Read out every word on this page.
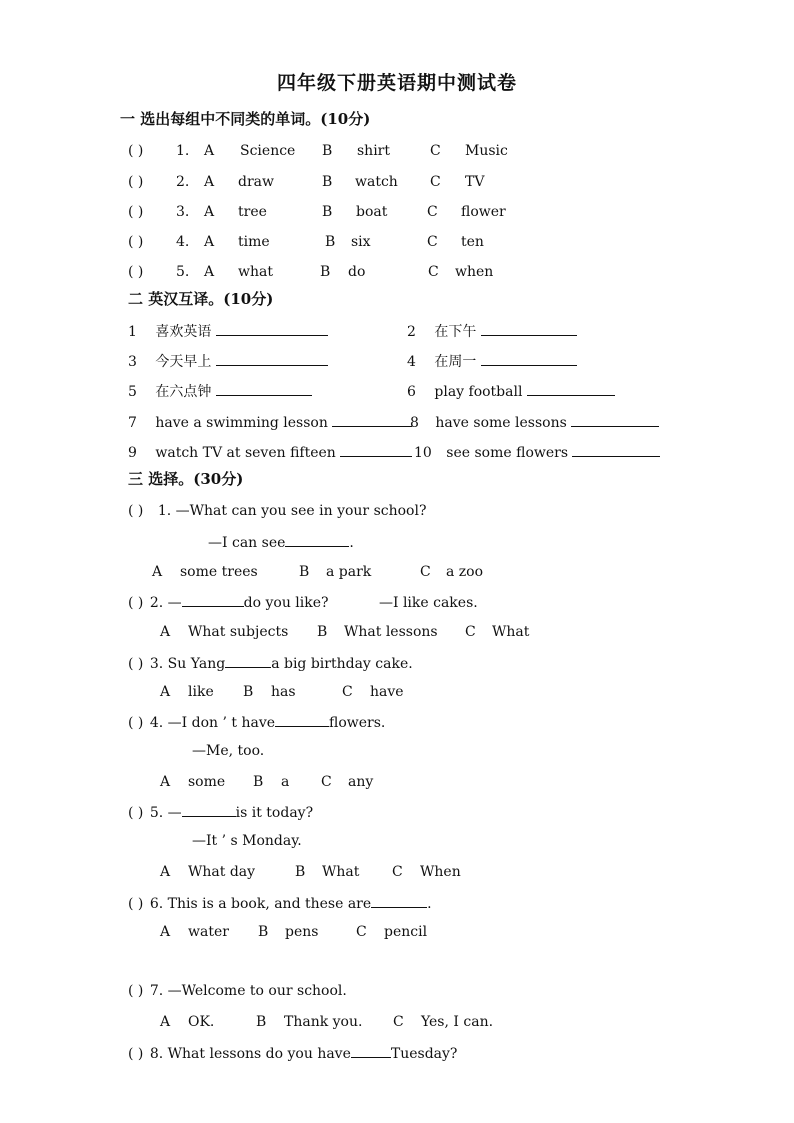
四年级下册英语期中测试卷
一 选出每组中不同类的单词。(10分)
( ) 1. A Science B shirt	C Music
( ) 2. A draw	B watch C TV
( ) 3. A tree	B boat	C flower
( ) 4. A time	B six	C ten
( ) 5. A what	B do	C when
二 英汉互译。(10分)
1 喜欢英语	2 在下午
3 今天早上	4 在周一
5 在六点钟	6 play football
7 have a swimming lesson	8 have some lessons
9 watch TV at seven fifteen	10 see some flowers
三 选择。(30分)
( ) 1. —What can you see in your school?
—I can see	.
A some trees	B a park	C a zoo
( ) 2. —	do you like?	—I like cakes.
A What subjects B What lessons C What
( ) 3. Su Yang	a big birthday cake.
A like B has	C have
( ) 4. —I don ’ t have	flowers.
—Me, too.
A some B a C any
( ) 5. —	is it today?
—It ’ s Monday.
A What day	B What C When
( ) 6. This is a book, and these are	.
A water B pens	C pencil
( ) 7. —Welcome to our school.
A OK.	B Thank you. C Yes, I can.
( ) 8. What lessons do you have	Tuesday?
